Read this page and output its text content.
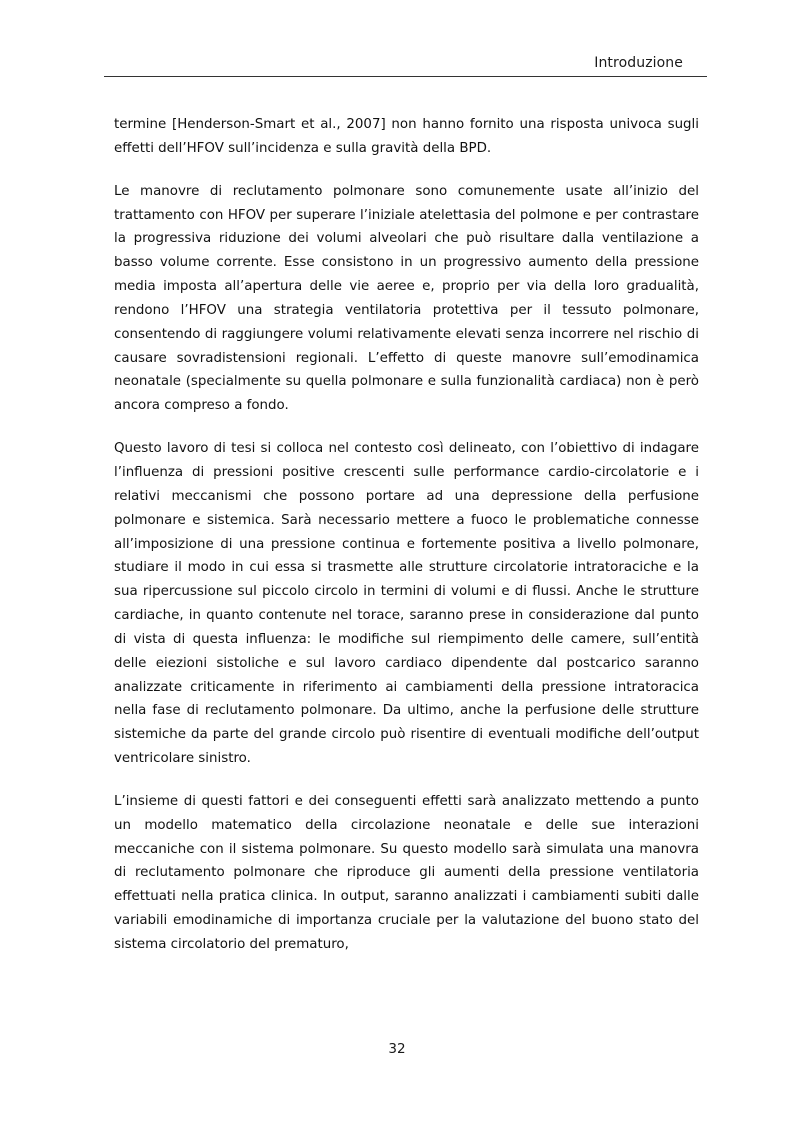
Introduzione

termine [Henderson-Smart et al., 2007] non hanno fornito una risposta univoca sugli effetti dell’HFOV sull’incidenza e sulla gravità della BPD.

Le manovre di reclutamento polmonare sono comunemente usate all’inizio del trattamento con HFOV per superare l’iniziale atelettasia del polmone e per contrastare la progressiva riduzione dei volumi alveolari che può risultare dalla ventilazione a basso volume corrente. Esse consistono in un progressivo aumento della pressione media imposta all’apertura delle vie aeree e, proprio per via della loro gradualità, rendono l’HFOV una strategia ventilatoria protettiva per il tessuto polmonare, consentendo di raggiungere volumi relativamente elevati senza incorrere nel rischio di causare sovradistensioni regionali. L’effetto di queste manovre sull’emodinamica neonatale (specialmente su quella polmonare e sulla funzionalità cardiaca) non è però ancora compreso a fondo.

Questo lavoro di tesi si colloca nel contesto così delineato, con l’obiettivo di indagare l’influenza di pressioni positive crescenti sulle performance cardio-circolatorie e i relativi meccanismi che possono portare ad una depressione della perfusione polmonare e sistemica. Sarà necessario mettere a fuoco le problematiche connesse all’imposizione di una pressione continua e fortemente positiva a livello polmonare, studiare il modo in cui essa si trasmette alle strutture circolatorie intratoraciche e la sua ripercussione sul piccolo circolo in termini di volumi e di flussi. Anche le strutture cardiache, in quanto contenute nel torace, saranno prese in considerazione dal punto di vista di questa influenza: le modifiche sul riempimento delle camere, sull’entità delle eiezioni sistoliche e sul lavoro cardiaco dipendente dal postcarico saranno analizzate criticamente in riferimento ai cambiamenti della pressione intratoracica nella fase di reclutamento polmonare. Da ultimo, anche la perfusione delle strutture sistemiche da parte del grande circolo può risentire di eventuali modifiche dell’output ventricolare sinistro.

L’insieme di questi fattori e dei conseguenti effetti sarà analizzato mettendo a punto un modello matematico della circolazione neonatale e delle sue interazioni meccaniche con il sistema polmonare. Su questo modello sarà simulata una manovra di reclutamento polmonare che riproduce gli aumenti della pressione ventilatoria effettuati nella pratica clinica. In output, saranno analizzati i cambiamenti subiti dalle variabili emodinamiche di importanza cruciale per la valutazione del buono stato del sistema circolatorio del prematuro,

32
